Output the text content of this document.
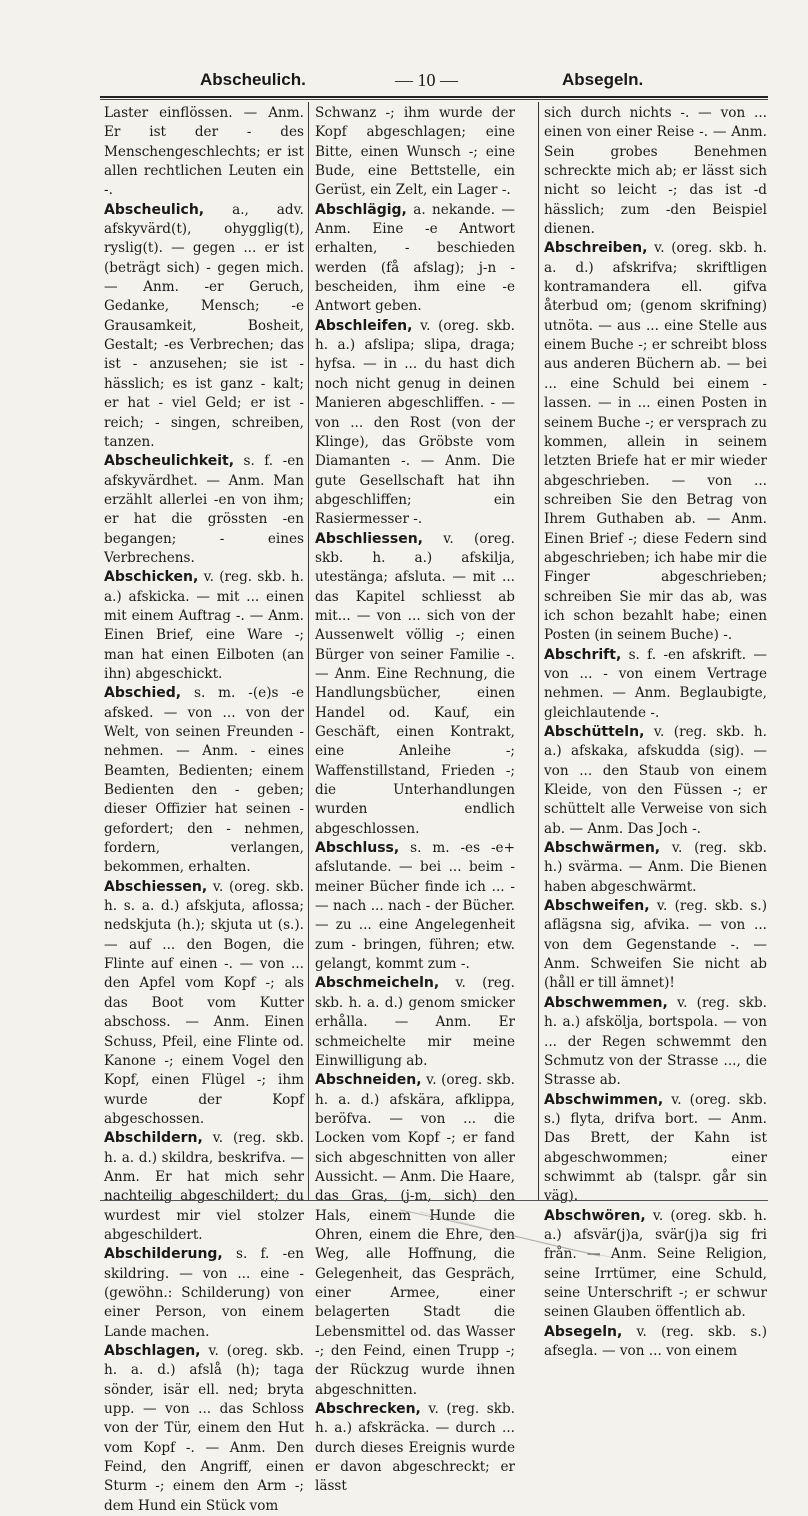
Abscheulich.	— 10 —	Absegeln.

Laster einflössen. — Anm. Er ist der - des Menschengeschlechts; er ist allen rechtlichen Leuten ein -.

Abscheulich, a., adv. afskyvärd(t), ohygglig(t), ryslig(t). — gegen ... er ist (beträgt sich) - gegen mich. — Anm. -er Geruch, Gedanke, Mensch; -e Grausamkeit, Bosheit, Gestalt; -es Verbrechen; das ist - anzusehen; sie ist - hässlich; es ist ganz - kalt; er hat - viel Geld; er ist - reich; - singen, schreiben, tanzen.

Abscheulichkeit, s. f. -en afskyvärdhet. — Anm. Man erzählt allerlei -en von ihm; er hat die grössten -en begangen; - eines Verbrechens.

Abschicken, v. (reg. skb. h. a.) afskicka. — mit ... einen mit einem Auftrag -. — Anm. Einen Brief, eine Ware -; man hat einen Eilboten (an ihn) abgeschickt.

Abschied, s. m. -(e)s -e afsked. — von ... von der Welt, von seinen Freunden - nehmen. — Anm. - eines Beamten, Bedienten; einem Bedienten den - geben; dieser Offizier hat seinen - gefordert; den - nehmen, fordern, verlangen, bekommen, erhalten.

Abschiessen, v. (oreg. skb. h. s. a. d.) afskjuta, aflossa; nedskjuta (h.); skjuta ut (s.). — auf ... den Bogen, die Flinte auf einen -. — von ... den Apfel vom Kopf -; als das Boot vom Kutter abschoss. — Anm. Einen Schuss, Pfeil, eine Flinte od. Kanone -; einem Vogel den Kopf, einen Flügel -; ihm wurde der Kopf abgeschossen.

Abschildern, v. (reg. skb. h. a. d.) skildra, beskrifva. — Anm. Er hat mich sehr nachteilig abgeschildert; du wurdest mir viel stolzer abgeschildert.

Abschilderung, s. f. -en skildring. — von ... eine - (gewöhn.: Schilderung) von einer Person, von einem Lande machen.

Abschlagen, v. (oreg. skb. h. a. d.) afslå (h); taga sönder, isär ell. ned; bryta upp. — von ... das Schloss von der Tür, einem den Hut vom Kopf -. — Anm. Den Feind, den Angriff, einen Sturm -; einem den Arm -; dem Hund ein Stück vom

Schwanz -; ihm wurde der Kopf abgeschlagen; eine Bitte, einen Wunsch -; eine Bude, eine Bettstelle, ein Gerüst, ein Zelt, ein Lager -.

Abschlägig, a. nekande. — Anm. Eine -e Antwort erhalten, - beschieden werden (få afslag); j-n - bescheiden, ihm eine -e Antwort geben.

Abschleifen, v. (oreg. skb. h. a.) afslipa; slipa, draga; hyfsa. — in ... du hast dich noch nicht genug in deinen Manieren abgeschliffen. - — von ... den Rost (von der Klinge), das Gröbste vom Diamanten -. — Anm. Die gute Gesellschaft hat ihn abgeschliffen; ein Rasiermesser -.

Abschliessen, v. (oreg. skb. h. a.) afskilja, utestänga; afsluta. — mit ... das Kapitel schliesst ab mit... — von ... sich von der Aussenwelt völlig -; einen Bürger von seiner Familie -. — Anm. Eine Rechnung, die Handlungsbücher, einen Handel od. Kauf, ein Geschäft, einen Kontrakt, eine Anleihe -; Waffenstillstand, Frieden -; die Unterhandlungen wurden endlich abgeschlossen.

Abschluss, s. m. -es -e+ afslutande. — bei ... beim - meiner Bücher finde ich ... - — nach ... nach - der Bücher. — zu ... eine Angelegenheit zum - bringen, führen; etw. gelangt, kommt zum -.

Abschmeicheln, v. (reg. skb. h. a. d.) genom smicker erhålla. — Anm. Er schmeichelte mir meine Einwilligung ab.

Abschneiden, v. (oreg. skb. h. a. d.) afskära, afklippa, beröfva. — von ... die Locken vom Kopf -; er fand sich abgeschnitten von aller Aussicht. — Anm. Die Haare, das Gras, (j-m, sich) den Hals, einem Hunde die Ohren, einem die Ehre, den Weg, alle Hoffnung, die Gelegenheit, das Gespräch, einer Armee, einer belagerten Stadt die Lebensmittel od. das Wasser -; den Feind, einen Trupp -; der Rückzug wurde ihnen abgeschnitten.

Abschrecken, v. (reg. skb. h. a.) afskräcka. — durch ... durch dieses Ereignis wurde er davon abgeschreckt; er lässt

sich durch nichts -. — von ... einen von einer Reise -. — Anm. Sein grobes Benehmen schreckte mich ab; er lässt sich nicht so leicht -; das ist -d hässlich; zum -den Beispiel dienen.

Abschreiben, v. (oreg. skb. h. a. d.) afskrifva; skriftligen kontramandera ell. gifva återbud om; (genom skrifning) utnöta. — aus ... eine Stelle aus einem Buche -; er schreibt bloss aus anderen Büchern ab. — bei ... eine Schuld bei einem - lassen. — in ... einen Posten in seinem Buche -; er versprach zu kommen, allein in seinem letzten Briefe hat er mir wieder abgeschrieben. — von ... schreiben Sie den Betrag von Ihrem Guthaben ab. — Anm. Einen Brief -; diese Federn sind abgeschrieben; ich habe mir die Finger abgeschrieben; schreiben Sie mir das ab, was ich schon bezahlt habe; einen Posten (in seinem Buche) -.

Abschrift, s. f. -en afskrift. — von ... - von einem Vertrage nehmen. — Anm. Beglaubigte, gleichlautende -.

Abschütteln, v. (reg. skb. h. a.) afskaka, afskudda (sig). — von ... den Staub von einem Kleide, von den Füssen -; er schüttelt alle Verweise von sich ab. — Anm. Das Joch -.

Abschwärmen, v. (reg. skb. h.) svärma. — Anm. Die Bienen haben abgeschwärmt.

Abschweifen, v. (reg. skb. s.) aflägsna sig, afvika. — von ... von dem Gegenstande -. — Anm. Schweifen Sie nicht ab (håll er till ämnet)!

Abschwemmen, v. (reg. skb. h. a.) afskölja, bortspola. — von ... der Regen schwemmt den Schmutz von der Strasse ..., die Strasse ab.

Abschwimmen, v. (oreg. skb. s.) flyta, drifva bort. — Anm. Das Brett, der Kahn ist abgeschwommen; einer schwimmt ab (talspr. går sin väg).

Abschwören, v. (oreg. skb. h. a.) afsvär(j)a, svär(j)a sig fri från. — Anm. Seine Religion, seine Irrtümer, eine Schuld, seine Unterschrift -; er schwur seinen Glauben öffentlich ab.

Absegeln, v. (reg. skb. s.) afsegla. — von ... von einem
